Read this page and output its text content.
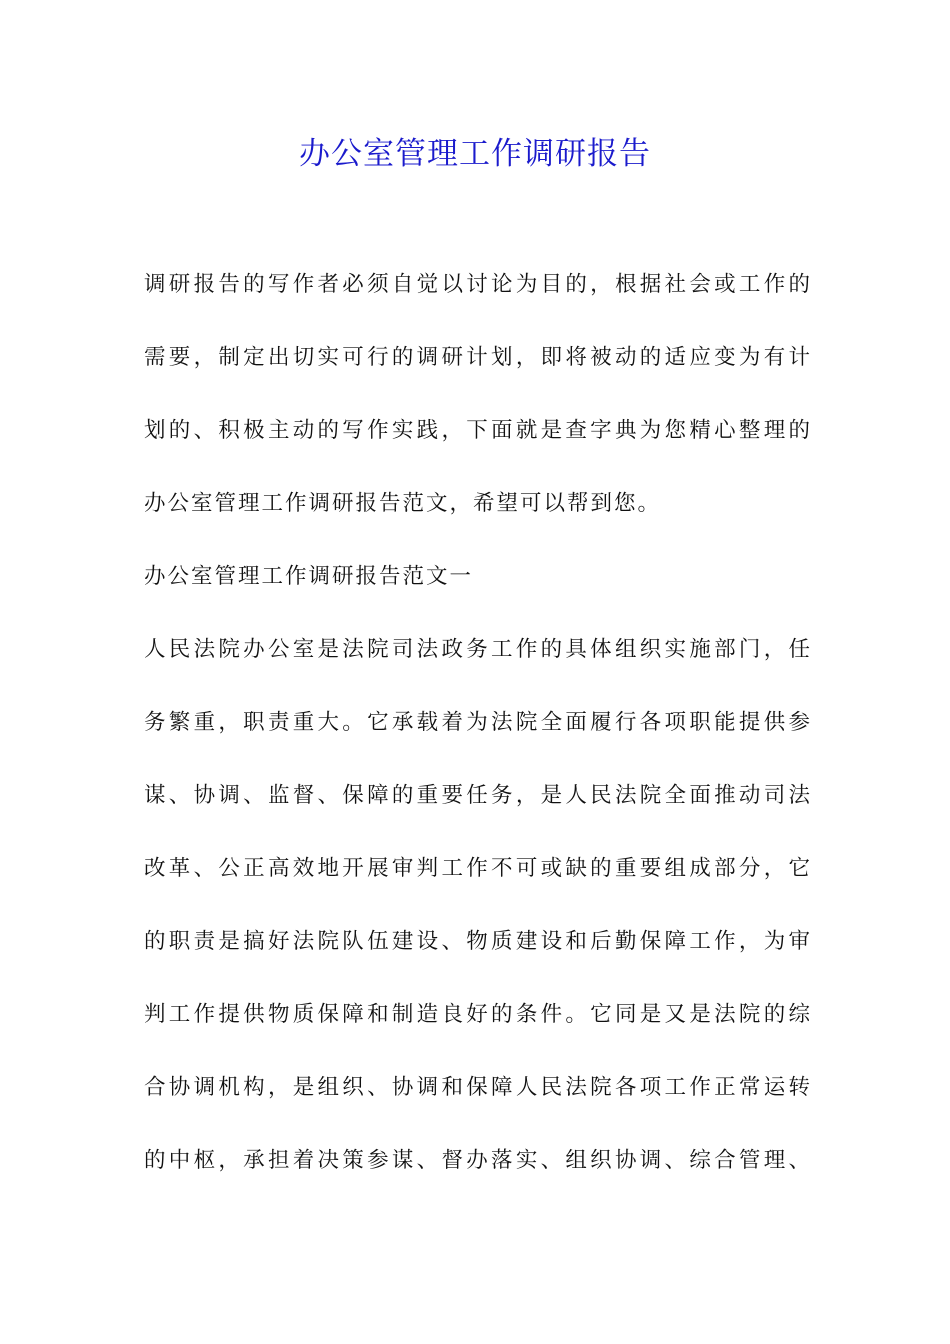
办公室管理工作调研报告
调研报告的写作者必须自觉以讨论为目的，根据社会或工作的
需要，制定出切实可行的调研计划，即将被动的适应变为有计
划的、积极主动的写作实践，下面就是查字典为您精心整理的
办公室管理工作调研报告范文，希望可以帮到您。
办公室管理工作调研报告范文一
人民法院办公室是法院司法政务工作的具体组织实施部门，任
务繁重，职责重大。它承载着为法院全面履行各项职能提供参
谋、协调、监督、保障的重要任务，是人民法院全面推动司法
改革、公正高效地开展审判工作不可或缺的重要组成部分，它
的职责是搞好法院队伍建设、物质建设和后勤保障工作，为审
判工作提供物质保障和制造良好的条件。它同是又是法院的综
合协调机构，是组织、协调和保障人民法院各项工作正常运转
的中枢，承担着决策参谋、督办落实、组织协调、综合管理、
